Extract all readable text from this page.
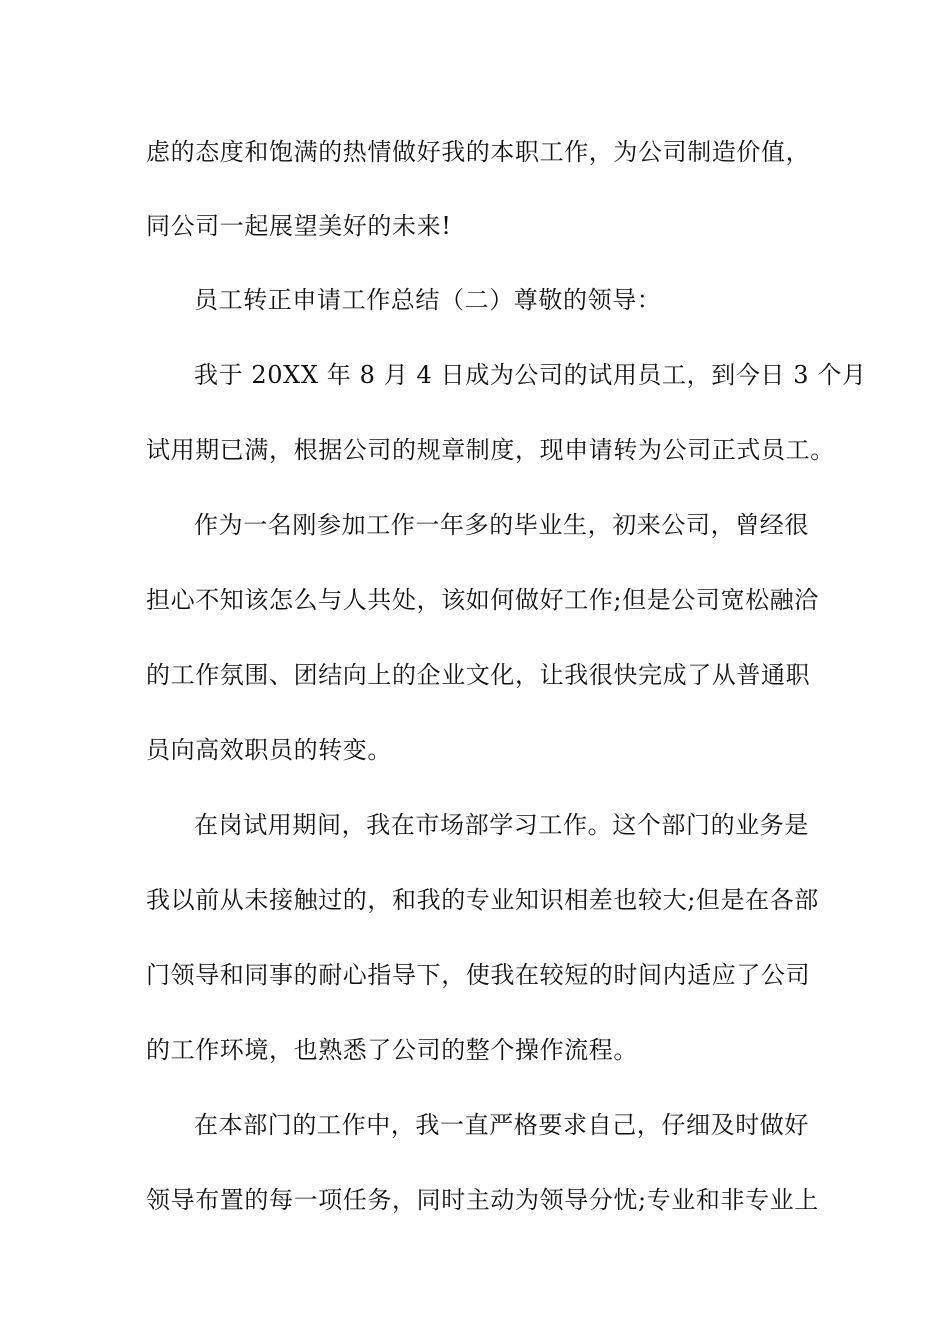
虑的态度和饱满的热情做好我的本职工作，为公司制造价值，
同公司一起展望美好的未来!
员工转正申请工作总结（二）尊敬的领导：
我于 20XX 年 8 月 4 日成为公司的试用员工，到今日 3 个月
试用期已满，根据公司的规章制度，现申请转为公司正式员工。
作为一名刚参加工作一年多的毕业生，初来公司，曾经很
担心不知该怎么与人共处，该如何做好工作;但是公司宽松融洽
的工作氛围、团结向上的企业文化，让我很快完成了从普通职
员向高效职员的转变。
在岗试用期间，我在市场部学习工作。这个部门的业务是
我以前从未接触过的，和我的专业知识相差也较大;但是在各部
门领导和同事的耐心指导下，使我在较短的时间内适应了公司
的工作环境，也熟悉了公司的整个操作流程。
在本部门的工作中，我一直严格要求自己，仔细及时做好
领导布置的每一项任务，同时主动为领导分忧;专业和非专业上
